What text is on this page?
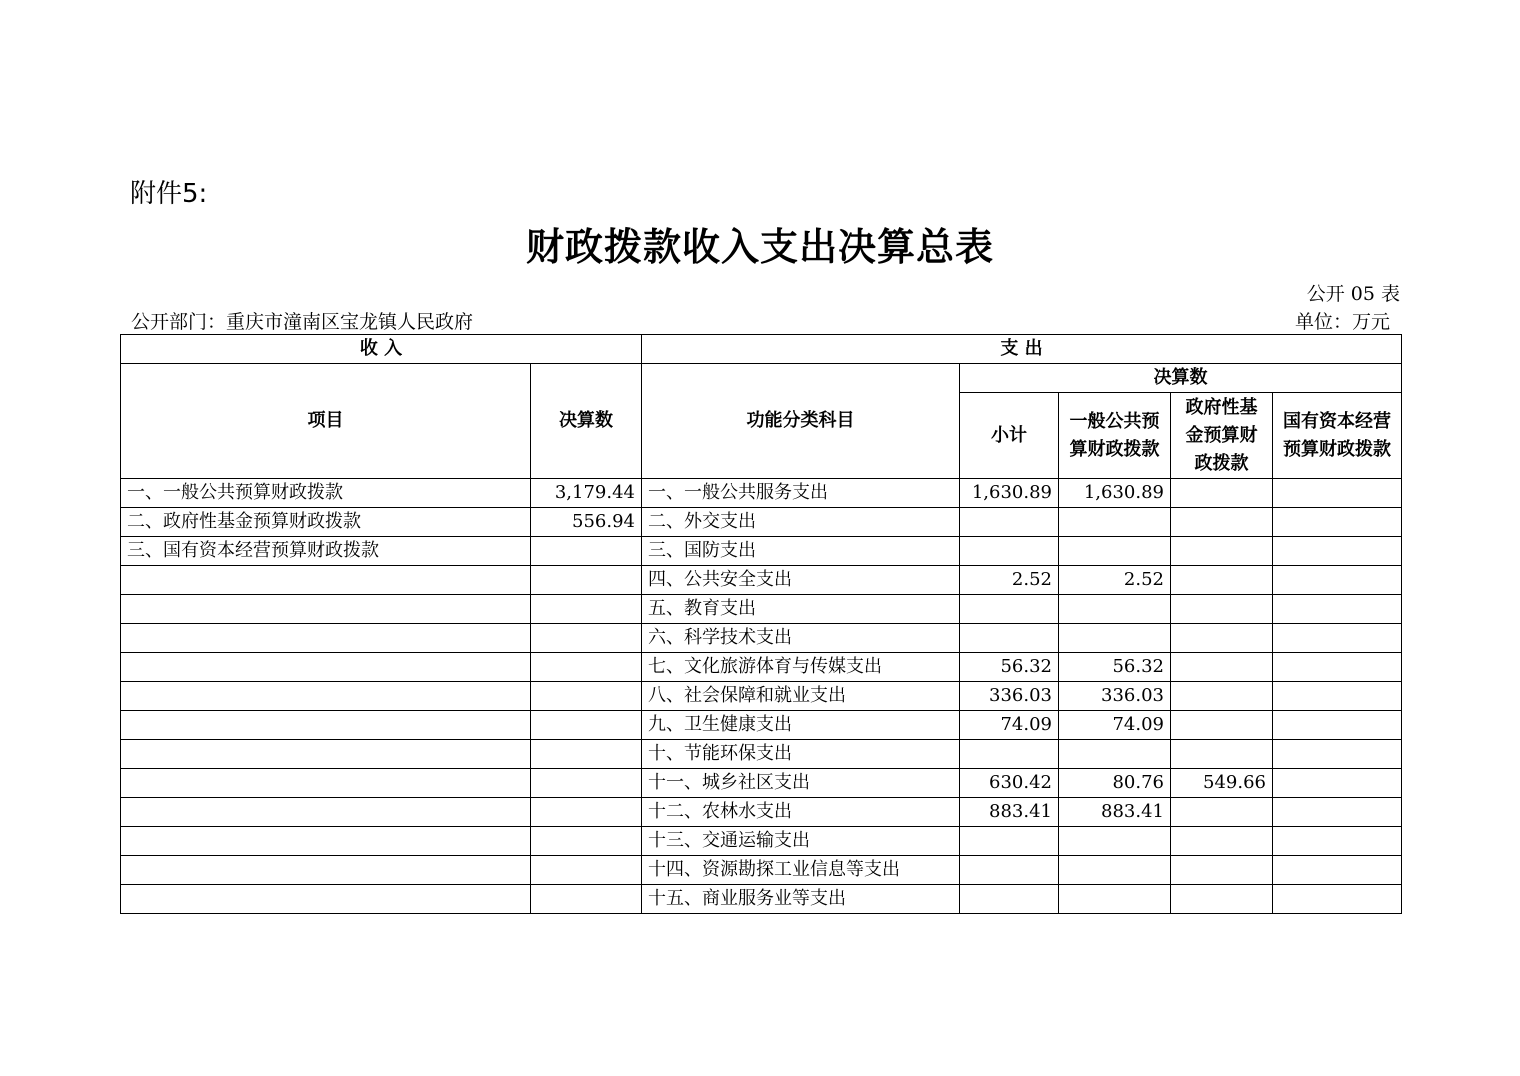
附件5:
财政拨款收入支出决算总表
公开 05 表
公开部门：重庆市潼南区宝龙镇人民政府	单位：万元
收 入		支 出				
项目	决算数	功能分类科目	决算数			
			小计	一般公共预算财政拨款	政府性基金预算财政拨款	国有资本经营预算财政拨款
一、一般公共预算财政拨款	3,179.44	一、一般公共服务支出	1,630.89	1,630.89		
二、政府性基金预算财政拨款	556.94	二、外交支出				
三、国有资本经营预算财政拨款		三、国防支出				
		四、公共安全支出	2.52	2.52		
		五、教育支出				
		六、科学技术支出				
		七、文化旅游体育与传媒支出	56.32	56.32		
		八、社会保障和就业支出	336.03	336.03		
		九、卫生健康支出	74.09	74.09		
		十、节能环保支出				
		十一、城乡社区支出	630.42	80.76	549.66	
		十二、农林水支出	883.41	883.41		
		十三、交通运输支出				
		十四、资源勘探工业信息等支出				
		十五、商业服务业等支出				
